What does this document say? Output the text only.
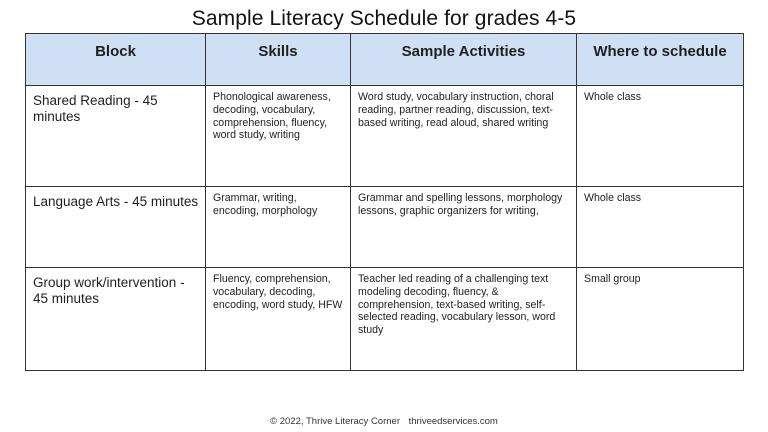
Sample Literacy Schedule for grades 4-5
Block	Skills	Sample Activities	Where to schedule
Shared Reading - 45 minutes	Phonological awareness, decoding, vocabulary, comprehension, fluency, word study, writing	Word study, vocabulary instruction, choral reading, partner reading, discussion, text-based writing, read aloud, shared writing	Whole class
Language Arts - 45 minutes	Grammar, writing, encoding, morphology	Grammar and spelling lessons, morphology lessons, graphic organizers for writing,	Whole class
Group work/intervention - 45 minutes	Fluency, comprehension, vocabulary, decoding, encoding, word study, HFW	Teacher led reading of a challenging text modeling decoding, fluency, & comprehension, text-based writing, self-selected reading, vocabulary lesson, word study	Small group
© 2022, Thrive Literacy Corner thriveedservices.com
